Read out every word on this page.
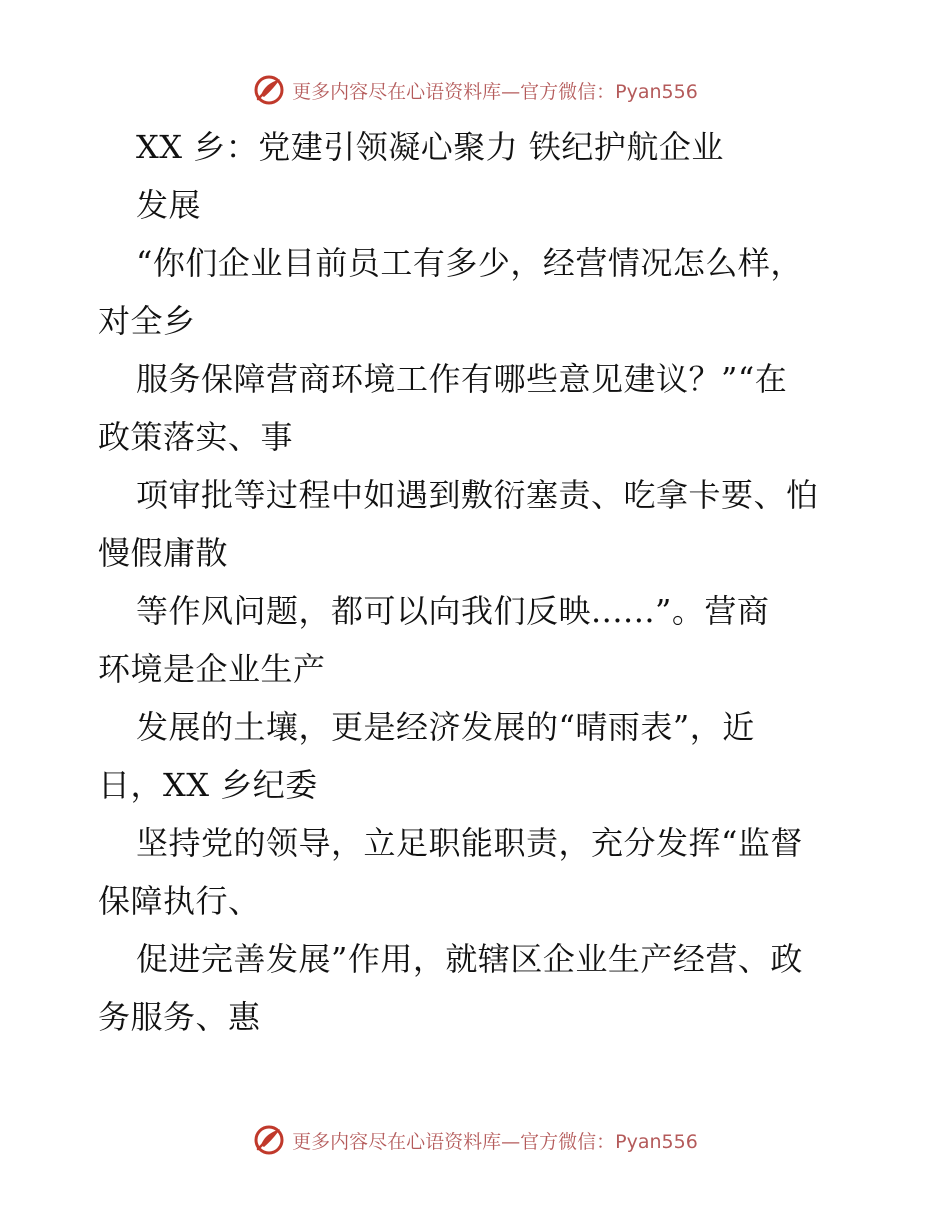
更多内容尽在心语资料库—官方微信：Pyan556
XX 乡：党建引领凝心聚力 铁纪护航企业
发展
“你们企业目前员工有多少，经营情况怎么样，
对全乡
服务保障营商环境工作有哪些意见建议？”“在
政策落实、事
项审批等过程中如遇到敷衍塞责、吃拿卡要、怕
慢假庸散
等作风问题，都可以向我们反映......”。营商
环境是企业生产
发展的土壤，更是经济发展的“晴雨表”，近
日，XX 乡纪委
坚持党的领导，立足职能职责，充分发挥“监督
保障执行、
促进完善发展”作用，就辖区企业生产经营、政
务服务、惠
更多内容尽在心语资料库—官方微信：Pyan556
